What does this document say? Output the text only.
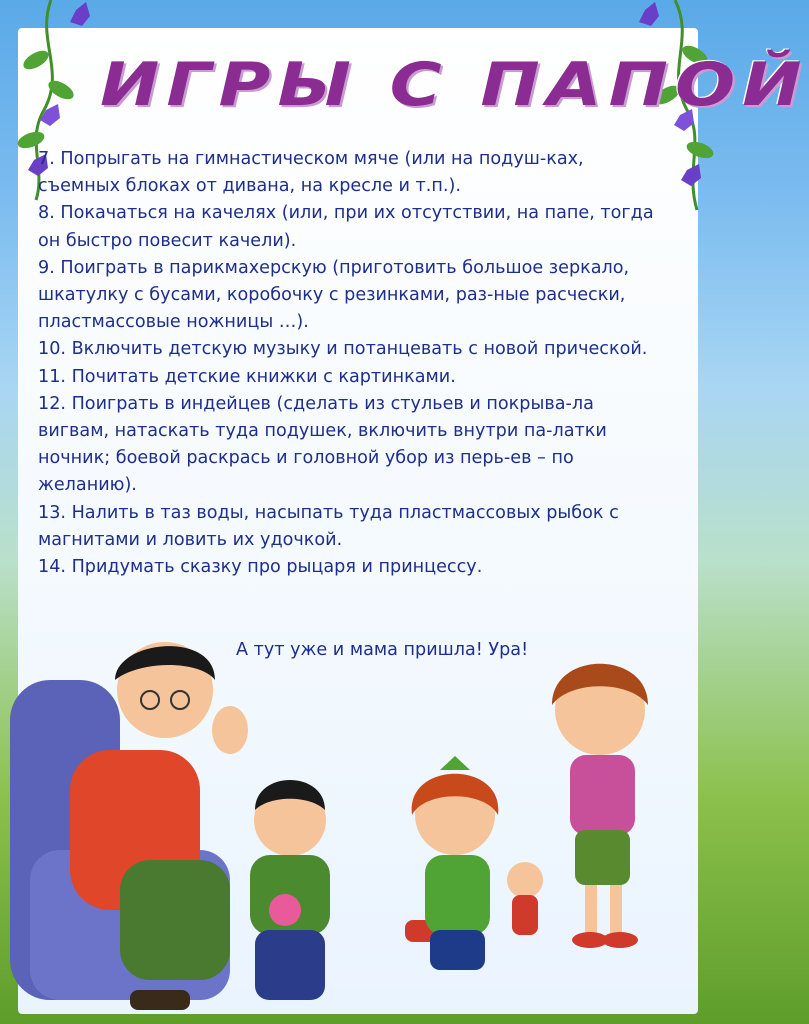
ИГРЫ С ПАПОЙ
7. Попрыгать на гимнастическом мяче (или на подуш-ках, съемных блоках от дивана, на кресле и т.п.).
8. Покачаться на качелях (или, при их отсутствии, на папе, тогда он быстро повесит качели).
9. Поиграть в парикмахерскую (приготовить большое зеркало, шкатулку с бусами, коробочку с резинками, раз-ные расчески, пластмассовые ножницы …).
10. Включить детскую музыку и потанцевать с новой прической.
11. Почитать детские книжки с картинками.
12. Поиграть в индейцев (сделать из стульев и покрыва-ла вигвам, натаскать туда подушек, включить внутри па-латки ночник; боевой раскрась и головной убор из перь-ев – по желанию).
13. Налить в таз воды, насыпать туда пластмассовых рыбок с магнитами и ловить их удочкой.
14. Придумать сказку про рыцаря и принцессу.
А тут уже и мама пришла! Ура!
